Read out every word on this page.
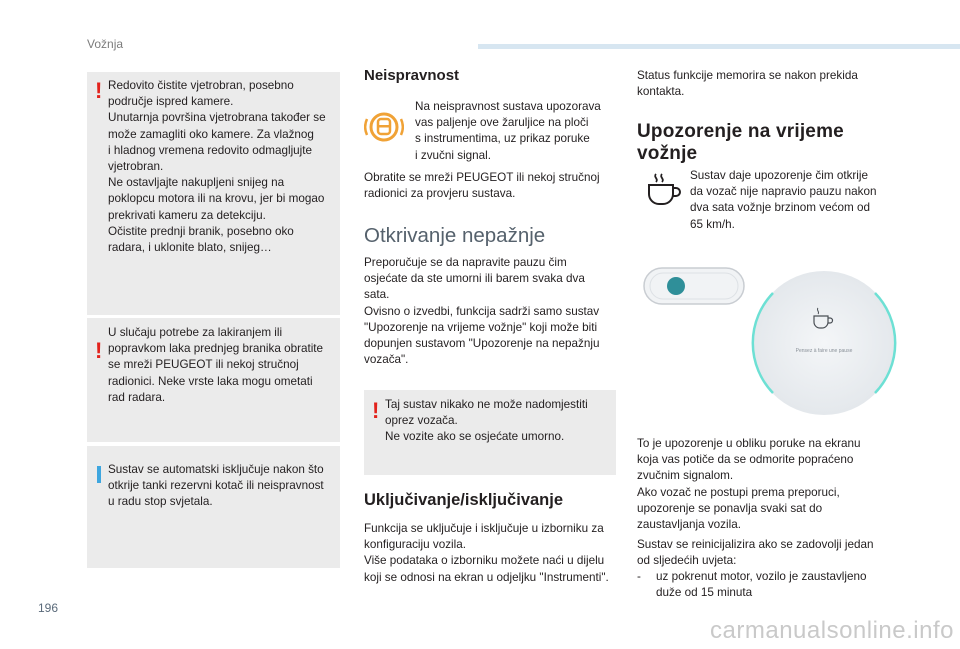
Vožnja
! Redovito čistite vjetrobran, posebno

područje ispred kamere.

Unutarnja površina vjetrobrana također se

može zamagliti oko kamere. Za vlažnog

i hladnog vremena redovito odmagljujte

vjetrobran.

Ne ostavljajte nakupljeni snijeg na

poklopcu motora ili na krovu, jer bi mogao

prekrivati kameru za detekciju.

Očistite prednji branik, posebno oko

radara, i uklonite blato, snijeg…

!

U slučaju potrebe za lakiranjem ili

popravkom laka prednjeg branika obratite

se mreži PEUGEOT ili nekoj stručnoj

radionici. Neke vrste laka mogu ometati

rad radara.

Sustav se automatski isključuje nakon što

otkrije tanki rezervni kotač ili neispravnost

u radu stop svjetala.

Neispravnost

Na neispravnost sustava upozorava

vas paljenje ove žaruljice na ploči

s instrumentima, uz prikaz poruke

i zvučni signal.

Obratite se mreži PEUGEOT ili nekoj stručnoj

radionici za provjeru sustava.

Otkrivanje nepažnje

Preporučuje se da napravite pauzu čim

osjećate da ste umorni ili barem svaka dva

sata.

Ovisno o izvedbi, funkcija sadrži samo sustav

"Upozorenje na vrijeme vožnje" koji može biti

dopunjen sustavom "Upozorenje na nepažnju

vozača".

! Taj sustav nikako ne može nadomjestiti

oprez vozača.

Ne vozite ako se osjećate umorno.

Uključivanje/isključivanje

Funkcija se uključuje i isključuje u izborniku za

konfiguraciju vozila.

Više podataka o izborniku možete naći u dijelu

koji se odnosi na ekran u odjeljku "Instrumenti".

Status funkcije memorira se nakon prekida

kontakta.

Upozorenje na vrijeme

vožnje

Sustav daje upozorenje čim otkrije

da vozač nije napravio pauzu nakon

dva sata vožnje brzinom većom od

65 km/h.

Pensez à faire une pause

To je upozorenje u obliku poruke na ekranu

koja vas potiče da se odmorite popraćeno

zvučnim signalom.

Ako vozač ne postupi prema preporuci,

upozorenje se ponavlja svaki sat do

zaustavljanja vozila.

Sustav se reinicijalizira ako se zadovolji jedan

od sljedećih uvjeta:

- uz pokrenut motor, vozilo je zaustavljeno

duže od 15 minuta

196
carmanualsonline.info
